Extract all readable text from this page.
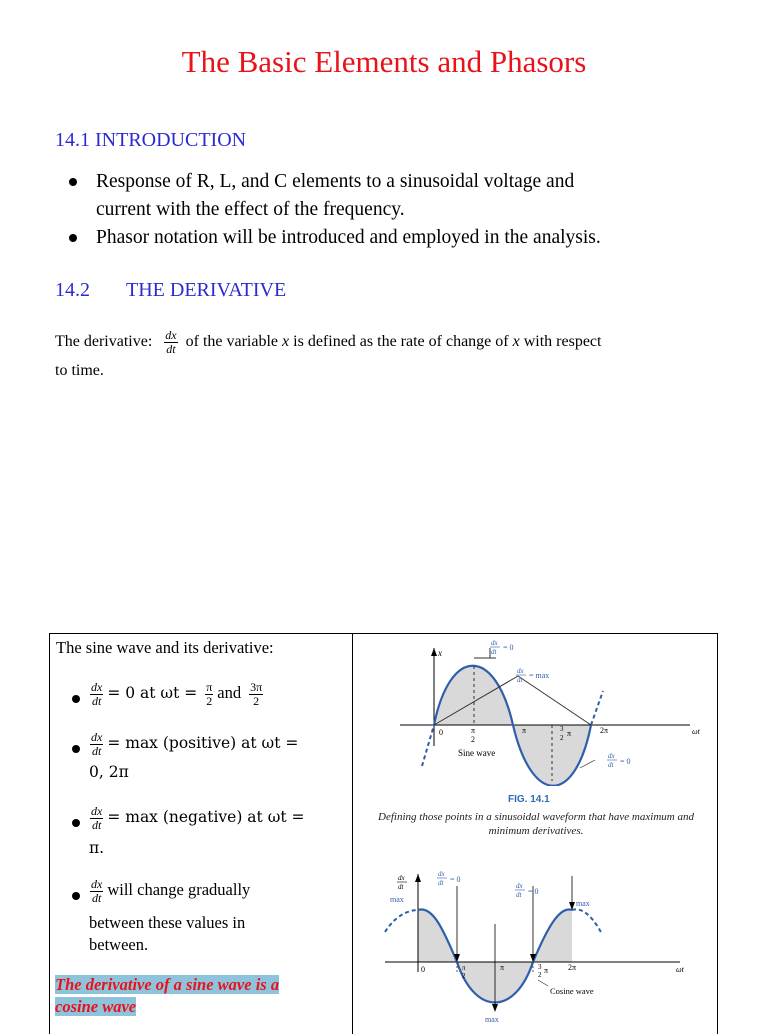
The Basic Elements and Phasors
14.1 INTRODUCTION
Response of R, L, and C elements to a sinusoidal voltage and
current with the effect of the frequency.
Phasor notation will be introduced and employed in the analysis.
14.2 THE DERIVATIVE
The derivative: $\frac{dx}{dt}$ of the variable x is defined as the rate of change of x with respect
to time.
The sine wave and its derivative:
$\frac{dx}{dt} = 0$ at $\omega t = \frac{\pi}{2}$ and $\frac{3\pi}{2}$
$\frac{dx}{dt} = \max$ (positive) at ωt =
0, 2π
$\frac{dx}{dt} = \max$ (negative) at ωt =
π.
$\frac{dx}{dt}$ will change gradually
between these values in
between.
The derivative of a sine wave is a
cosine wave
x
0	π
2
π	3
2 π	2π	ωt
Sine wave
dx
dt = 0
dx
dt = max
dx
dt = 0
FIG. 14.1
Defining those points in a sinusoidal waveform that have maximum and
minimum derivatives.
dx
dt
max
dx
dt = 0
dx
dt = 0
max
0	π
2
π	3
2 π 2π	ωt
Cosine wave
max
